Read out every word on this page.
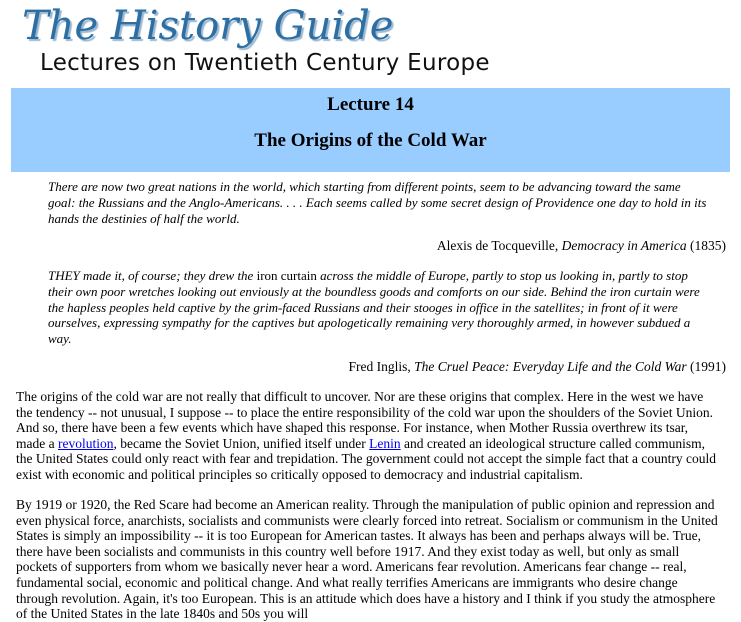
The History Guide
Lectures on Twentieth Century Europe
Lecture 14
The Origins of the Cold War
There are now two great nations in the world, which starting from different points, seem to be advancing toward the same goal: the Russians and the Anglo-Americans. . . . Each seems called by some secret design of Providence one day to hold in its hands the destinies of half the world.
Alexis de Tocqueville, Democracy in America (1835)
THEY made it, of course; they drew the iron curtain across the middle of Europe, partly to stop us looking in, partly to stop their own poor wretches looking out enviously at the boundless goods and comforts on our side. Behind the iron curtain were the hapless peoples held captive by the grim-faced Russians and their stooges in office in the satellites; in front of it were ourselves, expressing sympathy for the captives but apologetically remaining very thoroughly armed, in however subdued a way.
Fred Inglis, The Cruel Peace: Everyday Life and the Cold War (1991)
The origins of the cold war are not really that difficult to uncover. Nor are these origins that complex. Here in the west we have the tendency -- not unusual, I suppose -- to place the entire responsibility of the cold war upon the shoulders of the Soviet Union. And so, there have been a few events which have shaped this response. For instance, when Mother Russia overthrew its tsar, made a revolution, became the Soviet Union, unified itself under Lenin and created an ideological structure called communism, the United States could only react with fear and trepidation. The government could not accept the simple fact that a country could exist with economic and political principles so critically opposed to democracy and industrial capitalism.
By 1919 or 1920, the Red Scare had become an American reality. Through the manipulation of public opinion and repression and even physical force, anarchists, socialists and communists were clearly forced into retreat. Socialism or communism in the United States is simply an impossibility -- it is too European for American tastes. It always has been and perhaps always will be. True, there have been socialists and communists in this country well before 1917. And they exist today as well, but only as small pockets of supporters from whom we basically never hear a word. Americans fear revolution. Americans fear change -- real, fundamental social, economic and political change. And what really terrifies Americans are immigrants who desire change through revolution. Again, it's too European. This is an attitude which does have a history and I think if you study the atmosphere of the United States in the late 1840s and 50s you will
